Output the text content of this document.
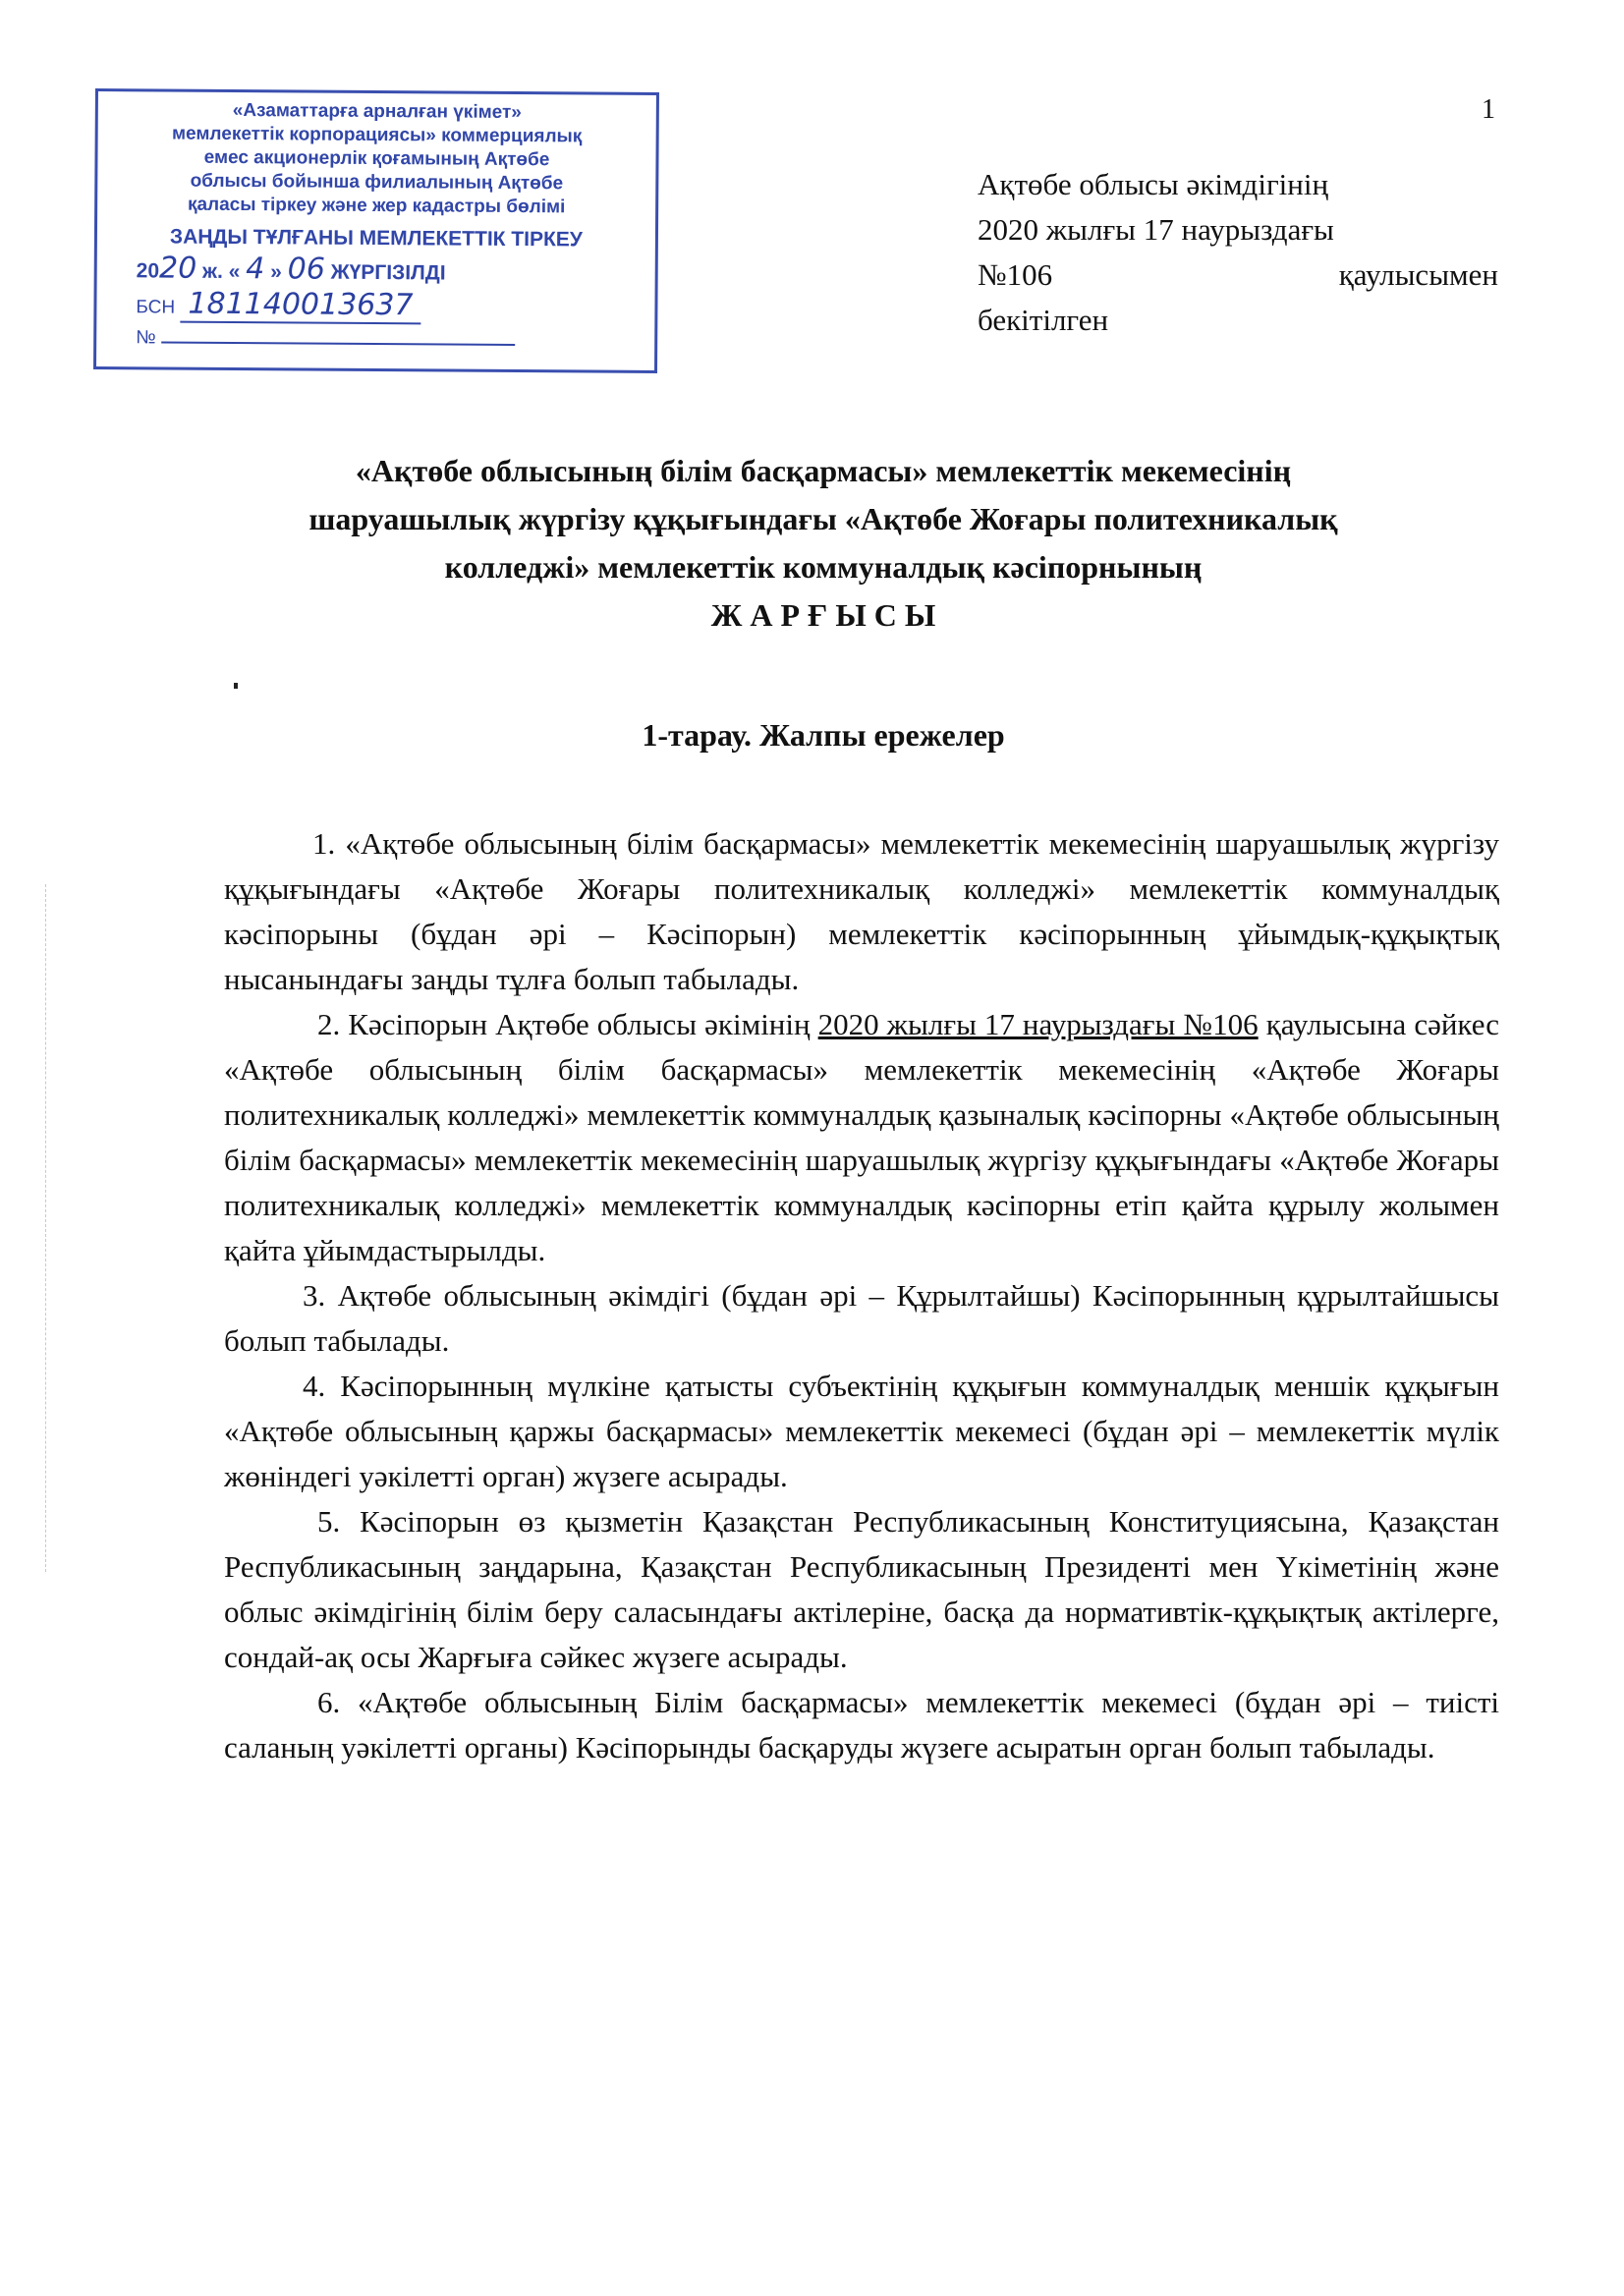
1
«Азаматтарға арналған үкімет»
мемлекеттік корпорациясы» коммерциялық
емес акционерлік қоғамының Ақтөбе
облысы бойынша филиалының Ақтөбе
қаласы тіркеу және жер кадастры бөлімі
ЗАҢДЫ ТҰЛҒАНЫ МЕМЛЕКЕТТІК ТІРКЕУ
2020 ж. « 4 » 06 ЖҮРГІЗІЛДІ
БСН 181140013637
№
Ақтөбе облысы әкімдігінің
2020 жылғы 17 наурыздағы
№106	қаулысымен
бекітілген
«Ақтөбе облысының білім басқармасы» мемлекеттік мекемесінің
шаруашылық жүргізу құқығындағы «Ақтөбе Жоғары политехникалық
колледжі» мемлекеттік коммуналдық кәсіпорнының
Ж А Р Ғ Ы С Ы
1-тарау. Жалпы ережелер

1. «Ақтөбе облысының білім басқармасы» мемлекеттік мекемесінің шаруашылық жүргізу құқығындағы «Ақтөбе Жоғары политехникалық колледжі» мемлекеттік коммуналдық кәсіпорыны (бұдан әрі – Кәсіпорын) мемлекеттік кәсіпорынның ұйымдық-құқықтық нысанындағы заңды тұлға болып табылады.

2. Кәсіпорын Ақтөбе облысы әкімінің 2020 жылғы 17 наурыздағы №106 қаулысына сәйкес «Ақтөбе облысының білім басқармасы» мемлекеттік мекемесінің «Ақтөбе Жоғары политехникалық колледжі» мемлекеттік коммуналдық қазыналық кәсіпорны «Ақтөбе облысының білім басқармасы» мемлекеттік мекемесінің шаруашылық жүргізу құқығындағы «Ақтөбе Жоғары политехникалық колледжі» мемлекеттік коммуналдық кәсіпорны етіп қайта құрылу жолымен қайта ұйымдастырылды.

3. Ақтөбе облысының әкімдігі (бұдан әрі – Құрылтайшы) Кәсіпорынның құрылтайшысы болып табылады.

4. Кәсіпорынның мүлкіне қатысты субъектінің құқығын коммуналдық меншік құқығын «Ақтөбе облысының қаржы басқармасы» мемлекеттік мекемесі (бұдан әрі – мемлекеттік мүлік жөніндегі уәкілетті орган) жүзеге асырады.

5. Кәсіпорын өз қызметін Қазақстан Республикасының Конституциясына, Қазақстан Республикасының заңдарына, Қазақстан Республикасының Президенті мен Үкіметінің және облыс әкімдігінің білім беру саласындағы актілеріне, басқа да нормативтік-құқықтық актілерге, сондай-ақ осы Жарғыға сәйкес жүзеге асырады.

6. «Ақтөбе облысының Білім басқармасы» мемлекеттік мекемесі (бұдан әрі – тиісті саланың уәкілетті органы) Кәсіпорынды басқаруды жүзеге асыратын орган болып табылады.
